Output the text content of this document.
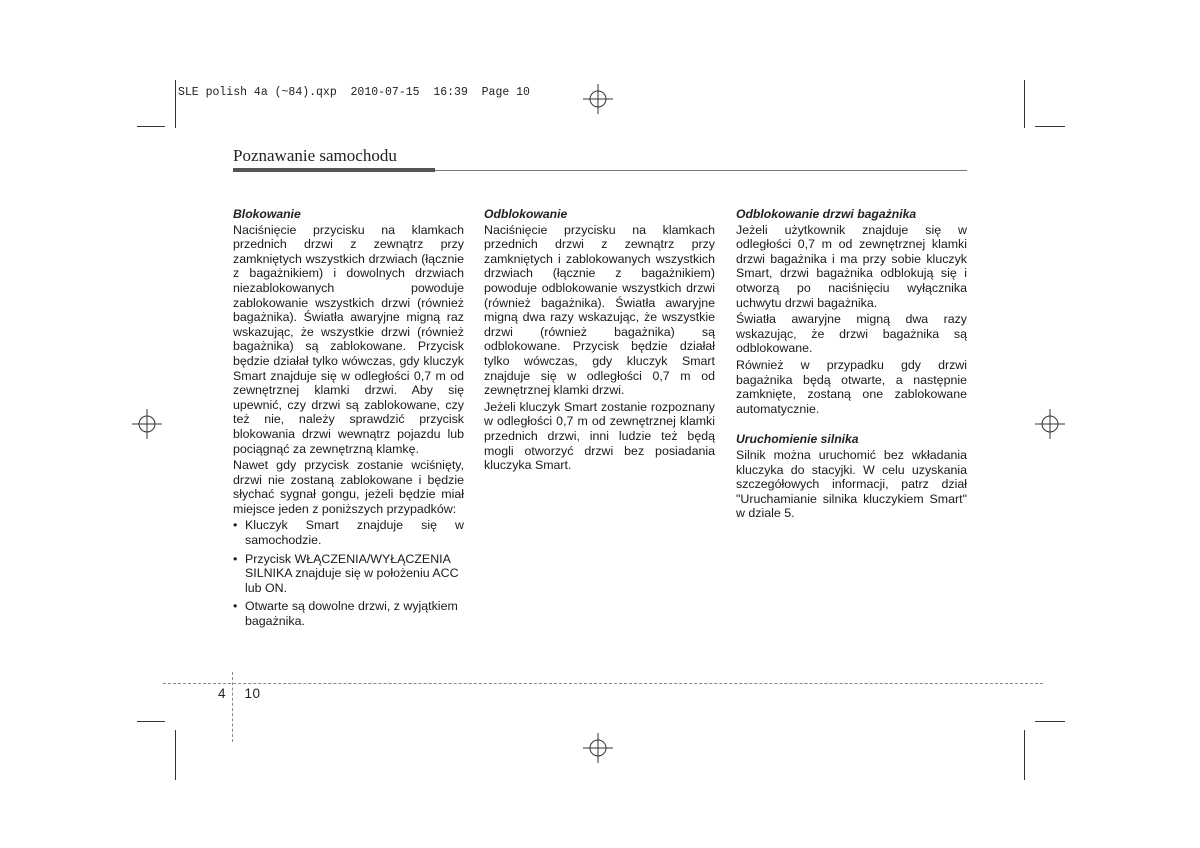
SLE polish 4a (~84).qxp  2010-07-15  16:39  Page 10
Poznawanie samochodu
Blokowanie

Naciśnięcie przycisku na klamkach przednich drzwi z zewnątrz przy zamkniętych wszystkich drzwiach (łącznie z bagażnikiem) i dowolnych drzwiach niezablokowanych powoduje zablokowanie wszystkich drzwi (również bagażnika). Światła awaryjne migną raz wskazując, że wszystkie drzwi (również bagażnika) są zablokowane. Przycisk będzie działał tylko wówczas, gdy kluczyk Smart znajduje się w odległości 0,7 m od zewnętrznej klamki drzwi. Aby się upewnić, czy drzwi są zablokowane, czy też nie, należy sprawdzić przycisk blokowania drzwi wewnątrz pojazdu lub pociągnąć za zewnętrzną klamkę.

Nawet gdy przycisk zostanie wciśnięty, drzwi nie zostaną zablokowane i będzie słychać sygnał gongu, jeżeli będzie miał miejsce jeden z poniższych przypadków:

• Kluczyk Smart znajduje się w samochodzie.
• Przycisk WŁĄCZENIA/WYŁĄCZENIA SILNIKA znajduje się w położeniu ACC lub ON.
• Otwarte są dowolne drzwi, z wyjątkiem bagażnika.
Odblokowanie

Naciśnięcie przycisku na klamkach przednich drzwi z zewnątrz przy zamkniętych i zablokowanych wszystkich drzwiach (łącznie z bagażnikiem) powoduje odblokowanie wszystkich drzwi (również bagażnika). Światła awaryjne migną dwa razy wskazując, że wszystkie drzwi (również bagażnika) są odblokowane. Przycisk będzie działał tylko wówczas, gdy kluczyk Smart znajduje się w odległości 0,7 m od zewnętrznej klamki drzwi.

Jeżeli kluczyk Smart zostanie rozpoznany w odległości 0,7 m od zewnętrznej klamki przednich drzwi, inni ludzie też będą mogli otworzyć drzwi bez posiadania kluczyka Smart.

Odblokowanie drzwi bagażnika

Jeżeli użytkownik znajduje się w odległości 0,7 m od zewnętrznej klamki drzwi bagażnika i ma przy sobie kluczyk Smart, drzwi bagażnika odblokują się i otworzą po naciśnięciu wyłącznika uchwytu drzwi bagażnika.

Światła awaryjne migną dwa razy wskazując, że drzwi bagażnika są odblokowane.

Również w przypadku gdy drzwi bagażnika będą otwarte, a następnie zamknięte, zostaną one zablokowane automatycznie.

Uruchomienie silnika

Silnik można uruchomić bez wkładania kluczyka do stacyjki. W celu uzyskania szczegółowych informacji, patrz dział "Uruchamianie silnika kluczykiem Smart" w dziale 5.

4 10
